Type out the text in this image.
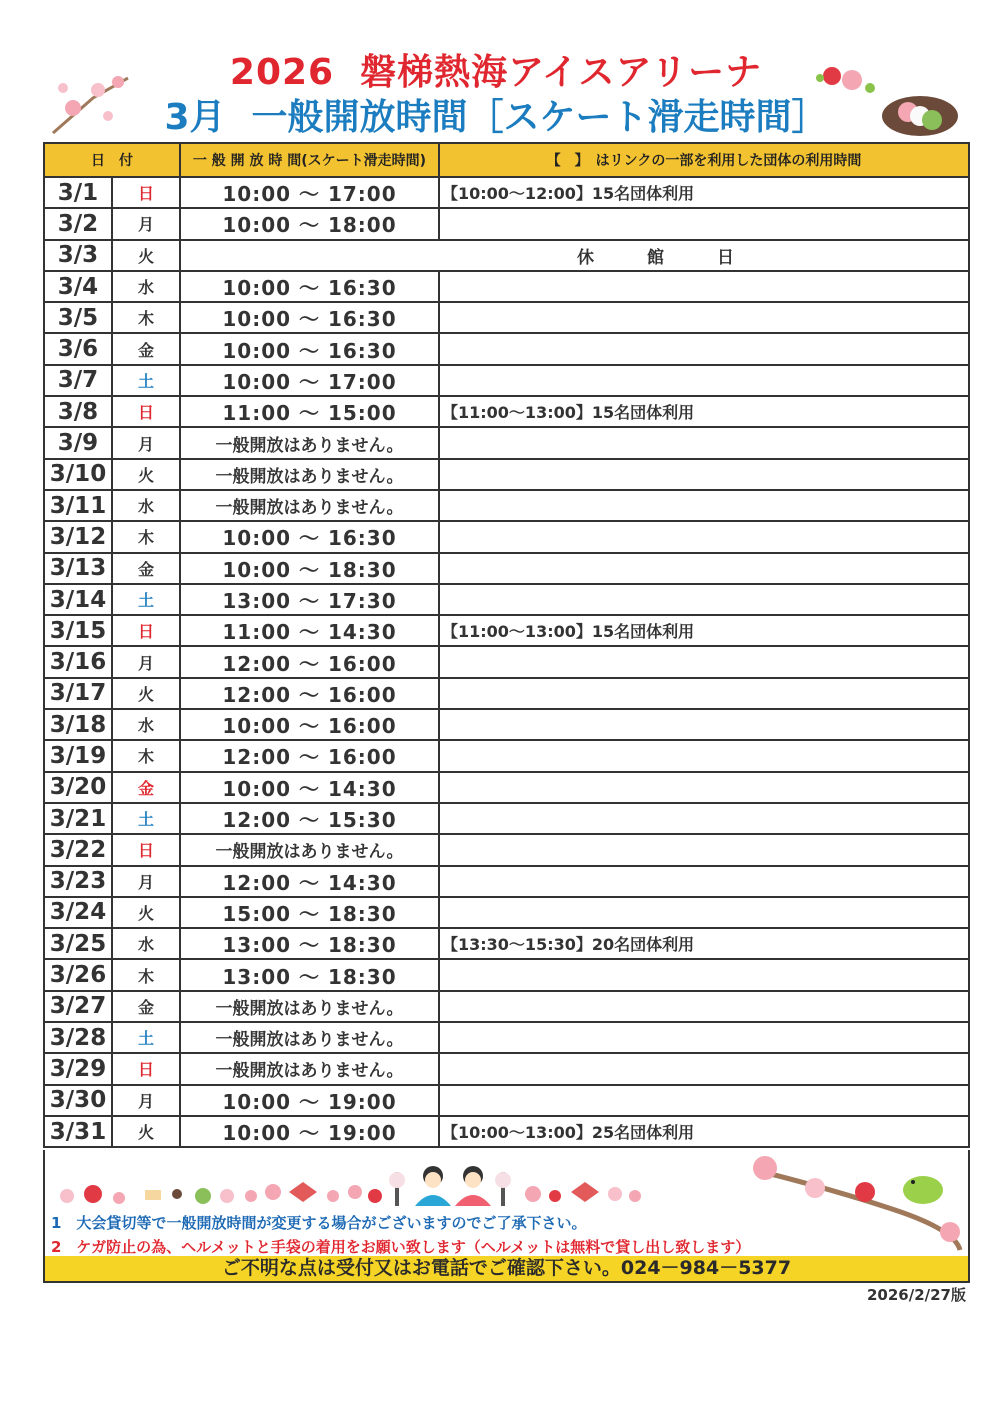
2026 磐梯熱海アイスアリーナ
3月 一般開放時間［スケート滑走時間］
日　付		一 般 開 放 時 間(スケート滑走時間)	【　】　はリンクの一部を利用した団体の利用時間
3/1	日	10:00 ～ 17:00	【10:00～12:00】15名団体利用
3/2	月	10:00 ～ 18:00	
3/3	火	休　館　日	
3/4	水	10:00 ～ 16:30	
3/5	木	10:00 ～ 16:30	
3/6	金	10:00 ～ 16:30	
3/7	土	10:00 ～ 17:00	
3/8	日	11:00 ～ 15:00	【11:00～13:00】15名団体利用
3/9	月	一般開放はありません。	
3/10	火	一般開放はありません。	
3/11	水	一般開放はありません。	
3/12	木	10:00 ～ 16:30	
3/13	金	10:00 ～ 18:30	
3/14	土	13:00 ～ 17:30	
3/15	日	11:00 ～ 14:30	【11:00～13:00】15名団体利用
3/16	月	12:00 ～ 16:00	
3/17	火	12:00 ～ 16:00	
3/18	水	10:00 ～ 16:00	
3/19	木	12:00 ～ 16:00	
3/20	金	10:00 ～ 14:30	
3/21	土	12:00 ～ 15:30	
3/22	日	一般開放はありません。	
3/23	月	12:00 ～ 14:30	
3/24	火	15:00 ～ 18:30	
3/25	水	13:00 ～ 18:30	【13:30～15:30】20名団体利用
3/26	木	13:00 ～ 18:30	
3/27	金	一般開放はありません。	
3/28	土	一般開放はありません。	
3/29	日	一般開放はありません。	
3/30	月	10:00 ～ 19:00	
3/31	火	10:00 ～ 19:00	【10:00～13:00】25名団体利用
1　大会貸切等で一般開放時間が変更する場合がございますのでご了承下さい。
2　ケガ防止の為、ヘルメットと手袋の着用をお願い致します（ヘルメットは無料で貸し出し致します）
ご不明な点は受付又はお電話でご確認下さい。024－984－5377
2026/2/27版
